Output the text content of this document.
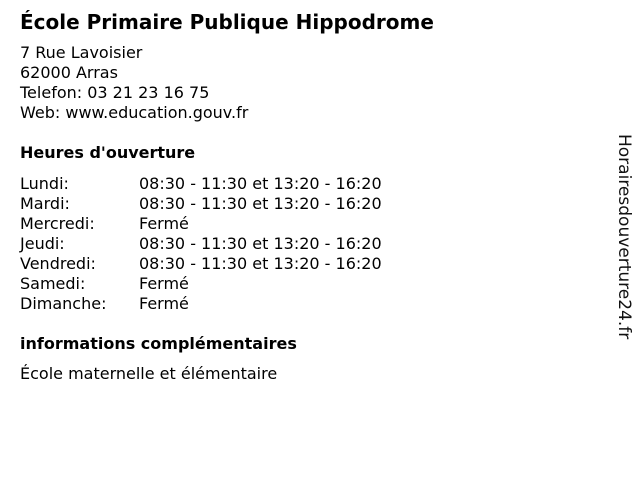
École Primaire Publique Hippodrome
7 Rue Lavoisier
62000 Arras
Telefon: 03 21 23 16 75
Web: www.education.gouv.fr
Heures d'ouverture
Lundi:	08:30 - 11:30 et 13:20 - 16:20
Mardi:	08:30 - 11:30 et 13:20 - 16:20
Mercredi:	Fermé
Jeudi:	08:30 - 11:30 et 13:20 - 16:20
Vendredi:	08:30 - 11:30 et 13:20 - 16:20
Samedi:	Fermé
Dimanche:	Fermé
informations complémentaires
École maternelle et élémentaire
Horairesdouverture24.fr
